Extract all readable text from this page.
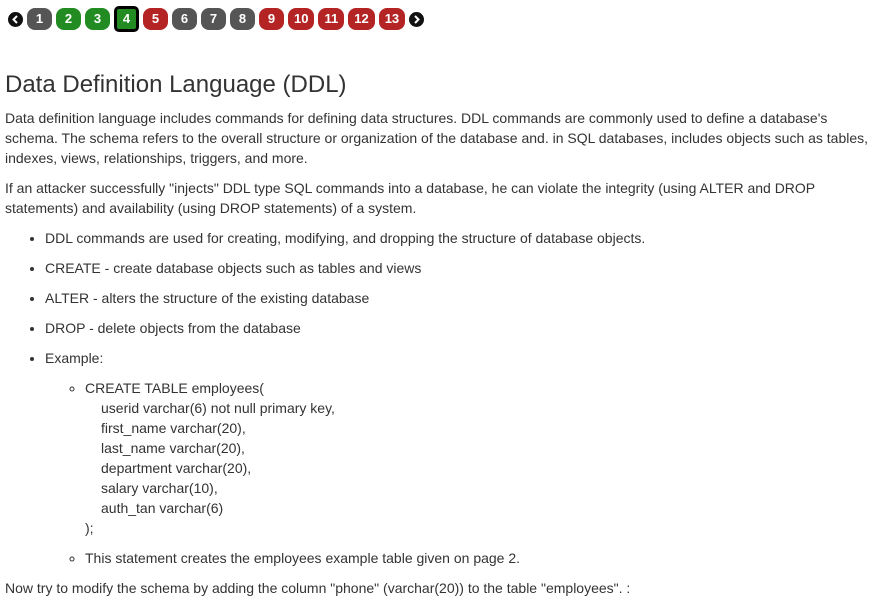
1	2	3	4	5	6	7	8	9	10	11	12	13
Data Definition Language (DDL)

Data definition language includes commands for defining data structures. DDL commands are commonly used to define a database's schema. The schema refers to the overall structure or organization of the database and. in SQL databases, includes objects such as tables, indexes, views, relationships, triggers, and more.

If an attacker successfully "injects" DDL type SQL commands into a database, he can violate the integrity (using ALTER and DROP statements) and availability (using DROP statements) of a system.

• DDL commands are used for creating, modifying, and dropping the structure of database objects.
• CREATE - create database objects such as tables and views
• ALTER - alters the structure of the existing database
• DROP - delete objects from the database
• Example:
◦ CREATE TABLE employees(
userid varchar(6) not null primary key,
first_name varchar(20),
last_name varchar(20),
department varchar(20),
salary varchar(10),
auth_tan varchar(6)
);
◦ This statement creates the employees example table given on page 2.

Now try to modify the schema by adding the column "phone" (varchar(20)) to the table "employees". :
